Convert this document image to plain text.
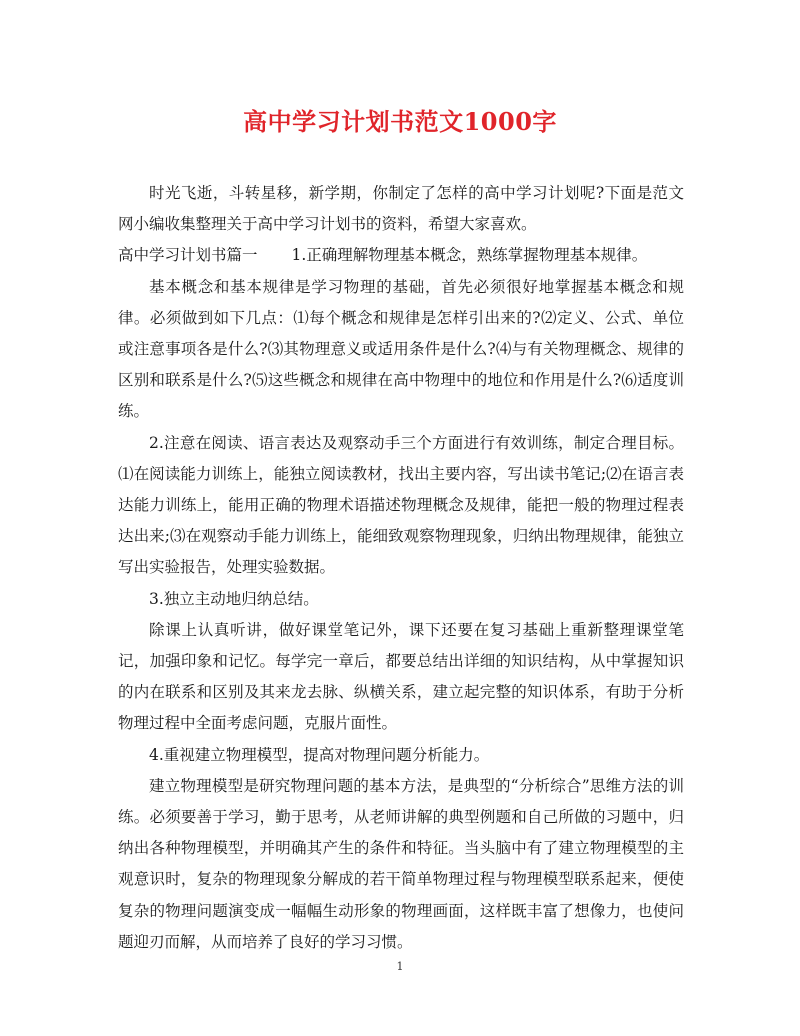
高中学习计划书范文1000字

时光飞逝，斗转星移，新学期，你制定了怎样的高中学习计划呢?下面是范文网小编收集整理关于高中学习计划书的资料，希望大家喜欢。

高中学习计划书篇一 1.正确理解物理基本概念，熟练掌握物理基本规律。

基本概念和基本规律是学习物理的基础，首先必须很好地掌握基本概念和规律。必须做到如下几点：⑴每个概念和规律是怎样引出来的?⑵定义、公式、单位或注意事项各是什么?⑶其物理意义或适用条件是什么?⑷与有关物理概念、规律的区别和联系是什么?⑸这些概念和规律在高中物理中的地位和作用是什么?⑹适度训练。

2.注意在阅读、语言表达及观察动手三个方面进行有效训练，制定合理目标。⑴在阅读能力训练上，能独立阅读教材，找出主要内容，写出读书笔记;⑵在语言表达能力训练上，能用正确的物理术语描述物理概念及规律，能把一般的物理过程表达出来;⑶在观察动手能力训练上，能细致观察物理现象，归纳出物理规律，能独立写出实验报告，处理实验数据。

3.独立主动地归纳总结。

除课上认真听讲，做好课堂笔记外，课下还要在复习基础上重新整理课堂笔记，加强印象和记忆。每学完一章后，都要总结出详细的知识结构，从中掌握知识的内在联系和区别及其来龙去脉、纵横关系，建立起完整的知识体系，有助于分析物理过程中全面考虑问题，克服片面性。

4.重视建立物理模型，提高对物理问题分析能力。

建立物理模型是研究物理问题的基本方法，是典型的“分析综合”思维方法的训练。必须要善于学习，勤于思考，从老师讲解的典型例题和自己所做的习题中，归纳出各种物理模型，并明确其产生的条件和特征。当头脑中有了建立物理模型的主观意识时，复杂的物理现象分解成的若干简单物理过程与物理模型联系起来，便使复杂的物理问题演变成一幅幅生动形象的物理画面，这样既丰富了想像力，也使问题迎刃而解，从而培养了良好的学习习惯。

1
